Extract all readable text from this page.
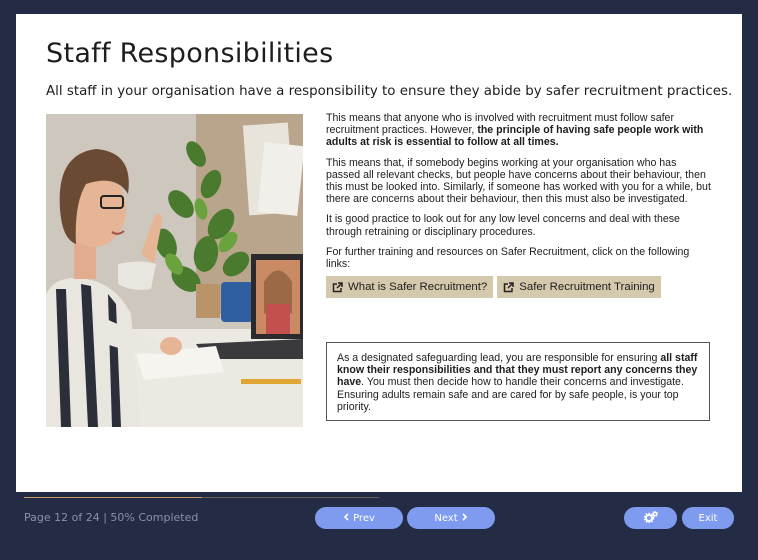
Staff Responsibilities

All staff in your organisation have a responsibility to ensure they abide by safer recruitment practices.

This means that anyone who is involved with recruitment must follow safer recruitment practices. However, the principle of having safe people work with adults at risk is essential to follow at all times.

This means that, if somebody begins working at your organisation who has passed all relevant checks, but people have concerns about their behaviour, then this must be looked into. Similarly, if someone has worked with you for a while, but there are concerns about their behaviour, then this must also be investigated.

It is good practice to look out for any low level concerns and deal with these through retraining or disciplinary procedures.

For further training and resources on Safer Recruitment, click on the following links:

What is Safer Recruitment?	Safer Recruitment Training
As a designated safeguarding lead, you are responsible for ensuring all staff know their responsibilities and that they must report any concerns they have. You must then decide how to handle their concerns and investigate. Ensuring adults remain safe and are cared for by safe people, is your top priority.
Page 12 of 24 | 50% Completed	Prev	Next	Exit
